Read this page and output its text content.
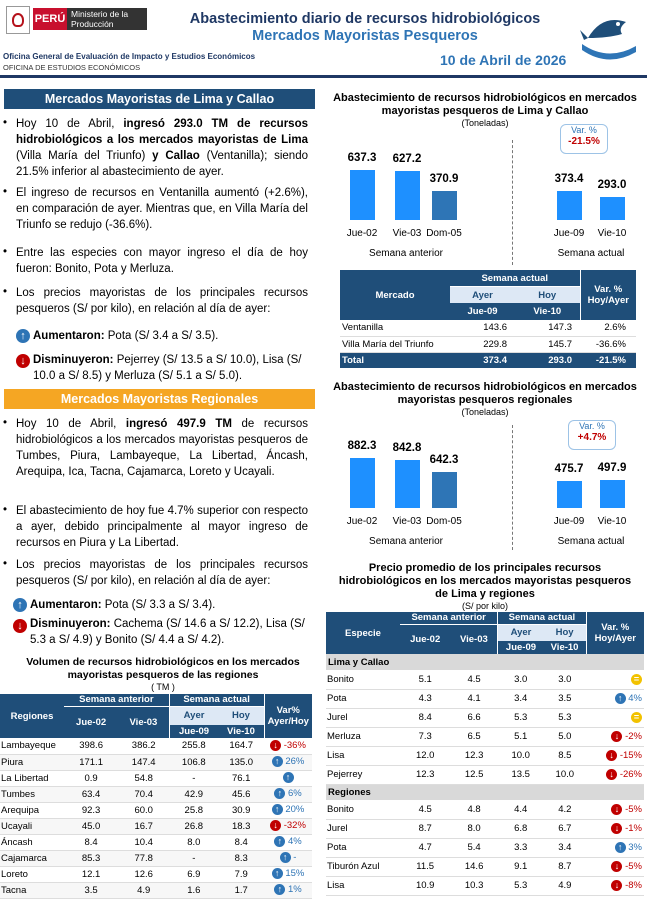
PERÚ Ministerio de la Producción	Abastecimiento diario de recursos hidrobiológicos
Mercados Mayoristas Pesqueros
Oficina General de Evaluación de Impacto y Estudios Económicos
OFICINA DE ESTUDIOS ECONÓMICOS	10 de Abril de 2026
Mercados Mayoristas de Lima y Callao
• Hoy 10 de Abril, ingresó 293.0 TM de recursos hidrobiológicos a los mercados mayoristas de Lima (Villa María del Triunfo) y Callao (Ventanilla); siendo 21.5% inferior al abastecimiento de ayer.
• El ingreso de recursos en Ventanilla aumentó (+2.6%), en comparación de ayer. Mientras que, en Villa María del Triunfo se redujo (-36.6%).
• Entre las especies con mayor ingreso el día de hoy fueron: Bonito, Pota y Merluza.
• Los precios mayoristas de los principales recursos pesqueros (S/ por kilo), en relación al día de ayer:
↑ Aumentaron: Pota (S/ 3.4 a S/ 3.5).
↓ Disminuyeron: Pejerrey (S/ 13.5 a S/ 10.0), Lisa (S/ 10.0 a S/ 8.5) y Merluza (S/ 5.1 a S/ 5.0).
Mercados Mayoristas Regionales
• Hoy 10 de Abril, ingresó 497.9 TM de recursos hidrobiológicos a los mercados mayoristas pesqueros de Tumbes, Piura, Lambayeque, La Libertad, Áncash, Arequipa, Ica, Tacna, Cajamarca, Loreto y Ucayali.
• El abastecimiento de hoy fue 4.7% superior con respecto a ayer, debido principalmente al mayor ingreso de recursos en Piura y La Libertad.
• Los precios mayoristas de los principales recursos pesqueros (S/ por kilo), en relación al día de ayer:
↑ Aumentaron: Pota (S/ 3.3 a S/ 3.4).
↓ Disminuyeron: Cachema (S/ 14.6 a S/ 12.2), Lisa (S/ 5.3 a S/ 4.9) y Bonito (S/ 4.4 a S/ 4.2).
Volumen de recursos hidrobiológicos en los mercados mayoristas pesqueros de las regiones
( TM )
Regiones	Semana anterior		Semana actual		Var% Ayer/Hoy
	Jue-02	Vie-03	Ayer	Hoy	
			Jue-09	Vie-10	
Lambayeque	398.6	386.2	255.8	164.7	↓ -36%
Piura	171.1	147.4	106.8	135.0	↑ 26%
La Libertad	0.9	54.8	-	76.1	↑
Tumbes	63.4	70.4	42.9	45.6	↑ 6%
Arequipa	92.3	60.0	25.8	30.9	↑ 20%
Ucayali	45.0	16.7	26.8	18.3	↓ -32%
Áncash	8.4	10.4	8.0	8.4	↑ 4%
Cajamarca	85.3	77.8	-	8.3	↑ -
Loreto	12.1	12.6	6.9	7.9	↑ 15%
Tacna	3.5	4.9	1.6	1.7	↑ 1%
Abastecimiento de recursos hidrobiológicos en mercados mayoristas pesqueros de Lima y Callao
(Toneladas)
Var. %
-21.5%
637.3
Jue-02
627.2
Vie-03
370.9
Dom-05
373.4
Jue-09
293.0
Vie-10
Semana anterior	Semana actual
Mercado	Semana actual		Var. % Hoy/Ayer
	Ayer	Hoy	
	Jue-09	Vie-10	
Ventanilla	143.6	147.3	2.6%
Villa María del Triunfo	229.8	145.7	-36.6%
Total	373.4	293.0	-21.5%
Abastecimiento de recursos hidrobiológicos en mercados mayoristas pesqueros regionales
(Toneladas)
Var. %
+4.7%
882.3
Jue-02
842.8
Vie-03
642.3
Dom-05
475.7
Jue-09
497.9
Vie-10
Semana anterior	Semana actual
Precio promedio de los principales recursos hidrobiológicos en los mercados mayoristas pesqueros de Lima y regiones
(S/ por kilo)
Especie	Semana anterior		Semana actual		Var. % Hoy/Ayer
	Jue-02	Vie-03	Ayer	Hoy	
			Jue-09	Vie-10	
Lima y Callao					
Bonito	5.1	4.5	3.0	3.0	=
Pota	4.3	4.1	3.4	3.5	↑ 4%
Jurel	8.4	6.6	5.3	5.3	=
Merluza	7.3	6.5	5.1	5.0	↓ -2%
Lisa	12.0	12.3	10.0	8.5	↓ -15%
Pejerrey	12.3	12.5	13.5	10.0	↓ -26%
Regiones					
Bonito	4.5	4.8	4.4	4.2	↓ -5%
Jurel	8.7	8.0	6.8	6.7	↓ -1%
Pota	4.7	5.4	3.3	3.4	↑ 3%
Tiburón Azul	11.5	14.6	9.1	8.7	↓ -5%
Lisa	10.9	10.3	5.3	4.9	↓ -8%
